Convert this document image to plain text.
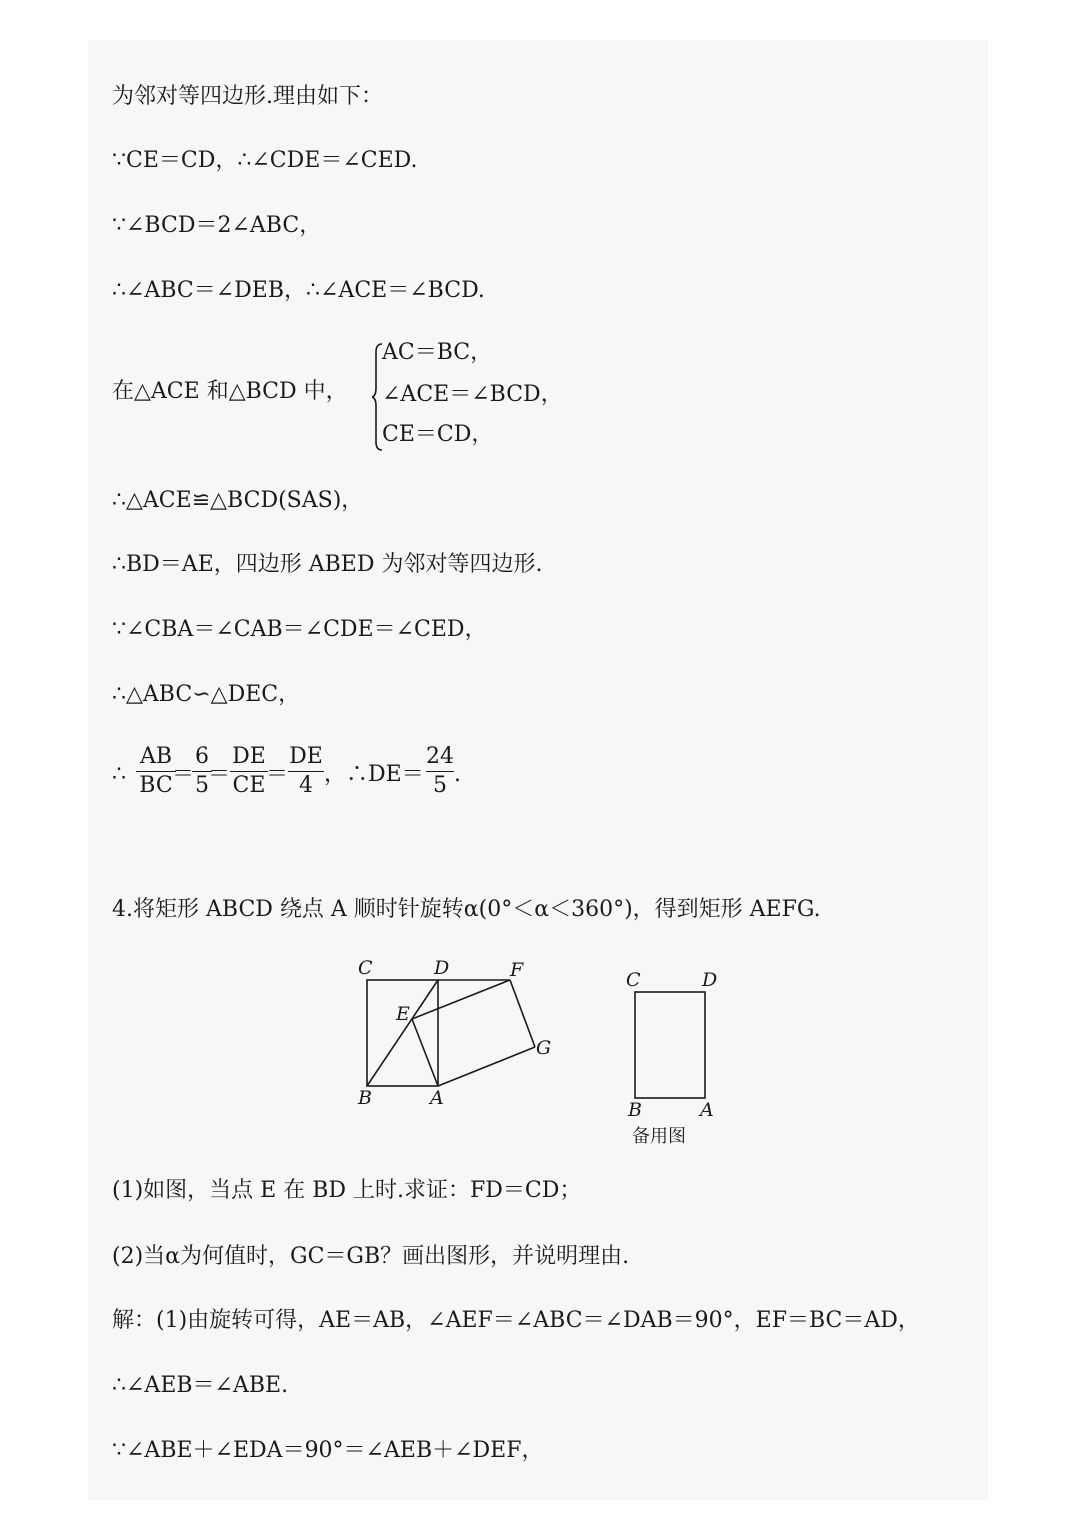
为邻对等四边形.理由如下：
∵CE＝CD，∴∠CDE＝∠CED.
∵∠BCD＝2∠ABC，
∴∠ABC＝∠DEB，∴∠ACE＝∠BCD.
在△ACE 和△BCD 中，
AC＝BC，
∠ACE＝∠BCD，
CE＝CD，
∴△ACE≌△BCD(SAS)，
∴BD＝AE，四边形 ABED 为邻对等四边形.
∵∠CBA＝∠CAB＝∠CDE＝∠CED，
∴△ABC∽△DEC，
∴
AB
BC ＝
6
5 ＝
DE
CE ＝
DE
4 ，∴DE＝
24
5 .
4.将矩形 ABCD 绕点 A 顺时针旋转α(0°＜α＜360°)，得到矩形 AEFG.
C	D	F
E
G
B	A
C	D
B	A
备用图
(1)如图，当点 E 在 BD 上时.求证：FD＝CD；
(2)当α为何值时，GC＝GB？画出图形，并说明理由.
解：(1)由旋转可得，AE＝AB，∠AEF＝∠ABC＝∠DAB＝90°，EF＝BC＝AD，
∴∠AEB＝∠ABE.
∵∠ABE＋∠EDA＝90°＝∠AEB＋∠DEF，
